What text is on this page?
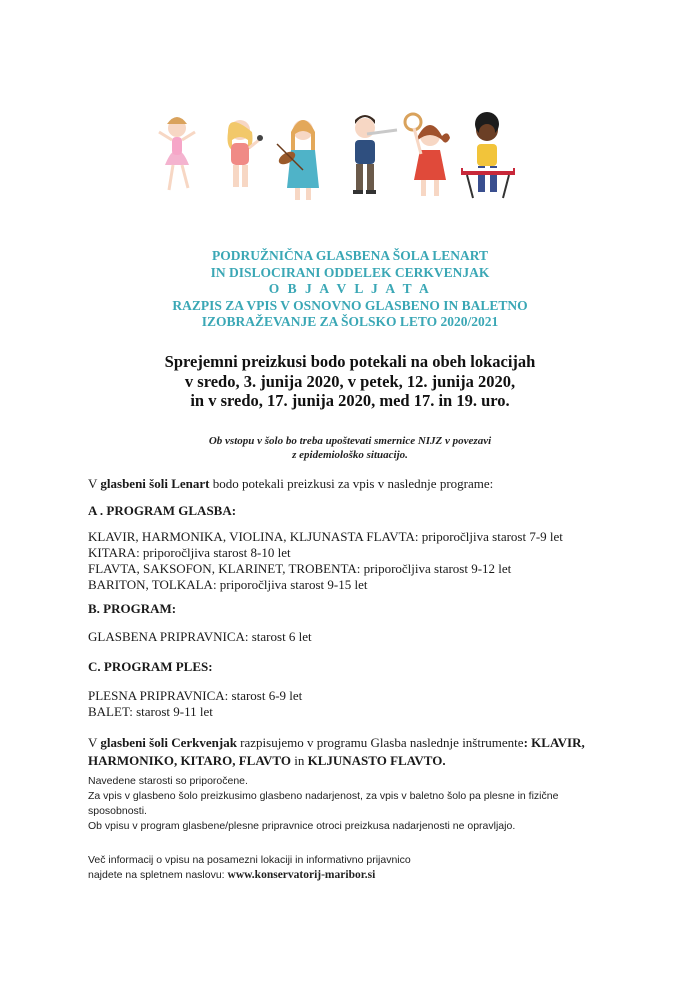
PODRUŽNIČNA GLASBENA ŠOLA LENART
IN DISLOCIRANI ODDELEK CERKVENJAK
O B J A V L J A T A
RAZPIS ZA VPIS V OSNOVNO GLASBENO IN BALETNO
IZOBRAŽEVANJE ZA ŠOLSKO LETO 2020/2021
Sprejemni preizkusi bodo potekali na obeh lokacijah
v sredo, 3. junija 2020, v petek, 12. junija 2020,
in v sredo, 17. junija 2020, med 17. in 19. uro.
Ob vstopu v šolo bo treba upoštevati smernice NIJZ v povezavi
z epidemiološko situacijo.
V glasbeni šoli Lenart bodo potekali preizkusi za vpis v naslednje programe:
A . PROGRAM GLASBA:
KLAVIR, HARMONIKA, VIOLINA, KLJUNASTA FLAVTA: priporočljiva starost 7-9 let
KITARA: priporočljiva starost 8-10 let
FLAVTA, SAKSOFON, KLARINET, TROBENTA: priporočljiva starost 9-12 let
BARITON, TOLKALA: priporočljiva starost 9-15 let
B. PROGRAM:
GLASBENA PRIPRAVNICA: starost 6 let
C. PROGRAM PLES:
PLESNA PRIPRAVNICA: starost 6-9 let
BALET: starost 9-11 let
V glasbeni šoli Cerkvenjak razpisujemo v programu Glasba naslednje inštrumente: KLAVIR,
HARMONIKO, KITARO, FLAVTO in KLJUNASTO FLAVTO.
Navedene starosti so priporočene.
Za vpis v glasbeno šolo preizkusimo glasbeno nadarjenost, za vpis v baletno šolo pa plesne in fizične
sposobnosti.
Ob vpisu v program glasbene/plesne pripravnice otroci preizkusa nadarjenosti ne opravljajo.
Več informacij o vpisu na posamezni lokaciji in informativno prijavnico
najdete na spletnem naslovu: www.konservatorij-maribor.si
